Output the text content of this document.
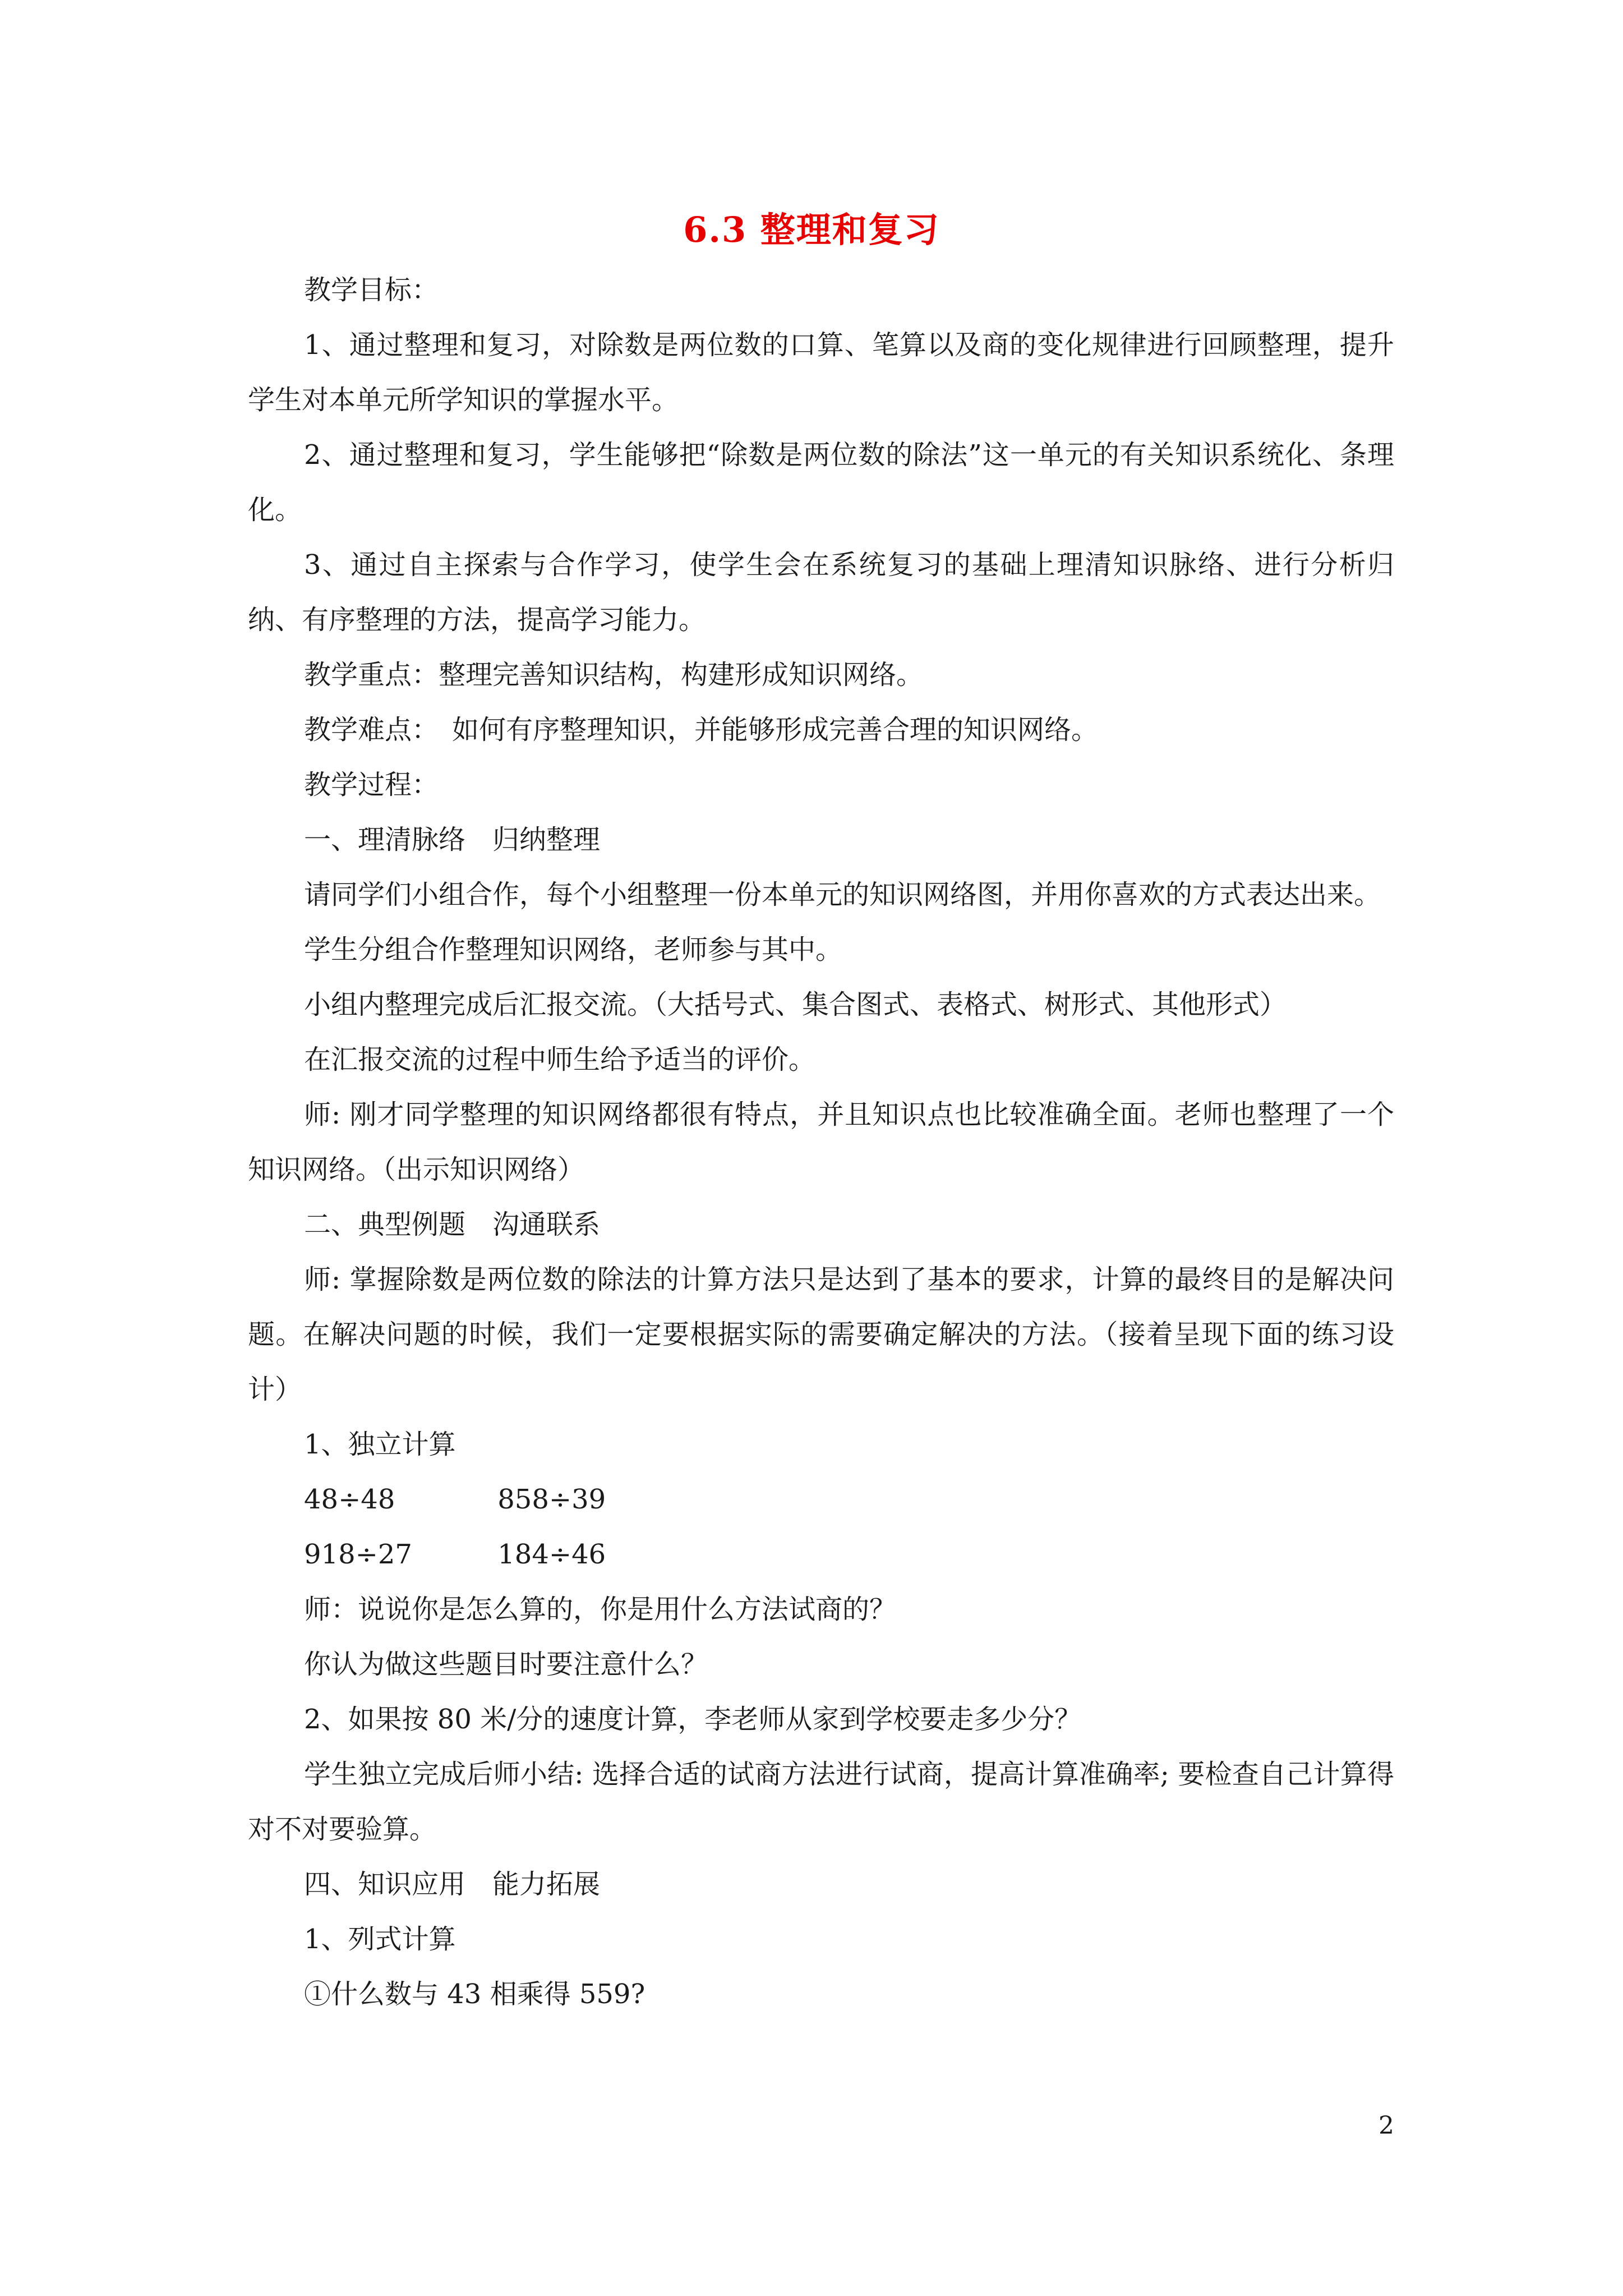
6.3 整理和复习

教学目标：

1、通过整理和复习，对除数是两位数的口算、笔算以及商的变化规律进行回顾整理，提升学生对本单元所学知识的掌握水平。

2、通过整理和复习，学生能够把“除数是两位数的除法”这一单元的有关知识系统化、条理化。

3、通过自主探索与合作学习，使学生会在系统复习的基础上理清知识脉络、进行分析归纳、有序整理的方法，提高学习能力。

教学重点：整理完善知识结构，构建形成知识网络。

教学难点：　如何有序整理知识，并能够形成完善合理的知识网络。

教学过程：

一、理清脉络　归纳整理

请同学们小组合作，每个小组整理一份本单元的知识网络图，并用你喜欢的方式表达出来。

学生分组合作整理知识网络，老师参与其中。

小组内整理完成后汇报交流。（大括号式、集合图式、表格式、树形式、其他形式）

在汇报交流的过程中师生给予适当的评价。

师: 刚才同学整理的知识网络都很有特点，并且知识点也比较准确全面。老师也整理了一个知识网络。（出示知识网络）

二、典型例题　沟通联系

师: 掌握除数是两位数的除法的计算方法只是达到了基本的要求，计算的最终目的是解决问题。在解决问题的时候，我们一定要根据实际的需要确定解决的方法。（接着呈现下面的练习设计）

1、独立计算

48÷48	858÷39
918÷27	184÷46

师：说说你是怎么算的，你是用什么方法试商的？

你认为做这些题目时要注意什么？

2、如果按 80 米/分的速度计算，李老师从家到学校要走多少分？

学生独立完成后师小结: 选择合适的试商方法进行试商，提高计算准确率; 要检查自己计算得对不对要验算。

四、知识应用　能力拓展

1、列式计算

①什么数与 43 相乘得 559?

2
